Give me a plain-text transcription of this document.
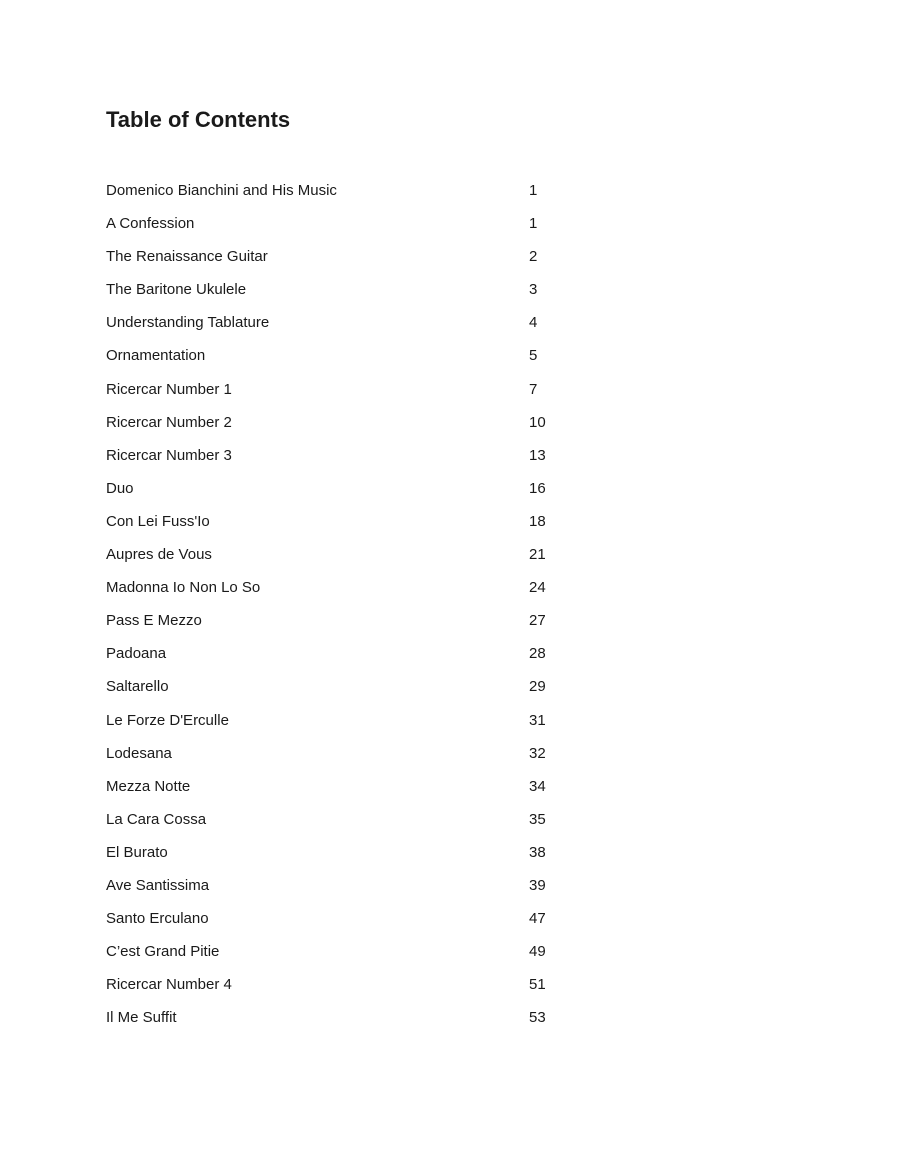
Table of Contents
Domenico Bianchini and His Music	1
A Confession	1
The Renaissance Guitar	2
The Baritone Ukulele	3
Understanding Tablature	4
Ornamentation	5
Ricercar Number 1	7
Ricercar Number 2	10
Ricercar Number 3	13
Duo	16
Con Lei Fuss'Io	18
Aupres de Vous	21
Madonna Io Non Lo So	24
Pass E Mezzo	27
Padoana	28
Saltarello	29
Le Forze D'Erculle	31
Lodesana	32
Mezza Notte	34
La Cara Cossa	35
El Burato	38
Ave Santissima	39
Santo Erculano	47
C’est Grand Pitie	49
Ricercar Number 4	51
Il Me Suffit	53
